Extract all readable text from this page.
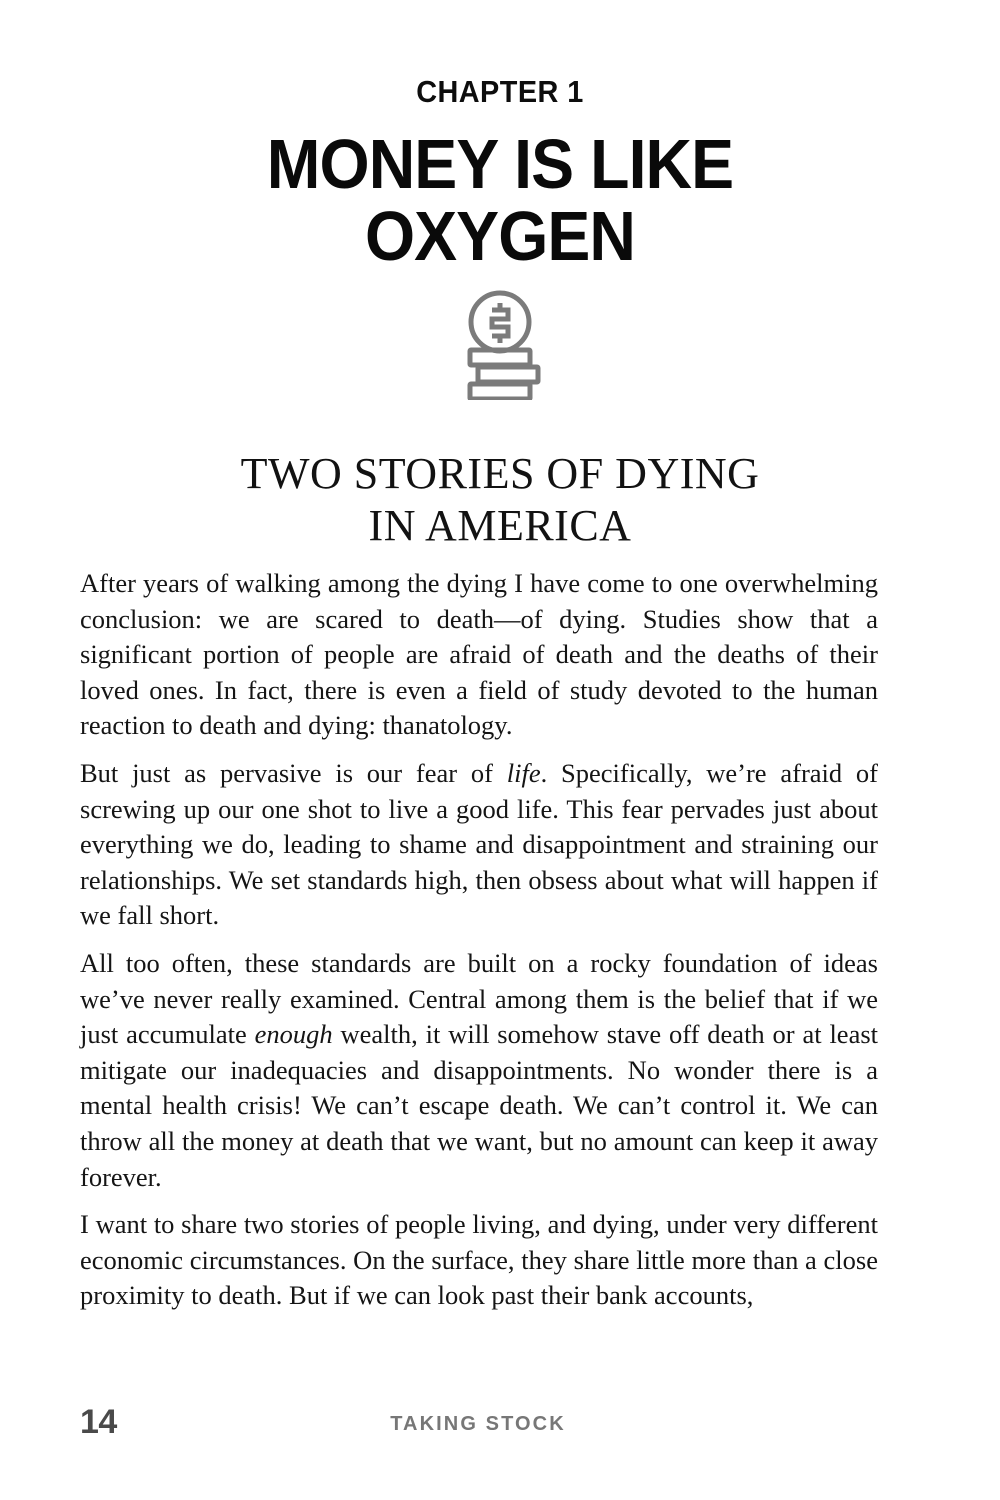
CHAPTER 1
MONEY IS LIKE
OXYGEN
TWO STORIES OF DYING
IN AMERICA

After years of walking among the dying I have come to one overwhelming conclusion: we are scared to death—of dying. Studies show that a significant portion of people are afraid of death and the deaths of their loved ones. In fact, there is even a field of study devoted to the human reaction to death and dying: thanatology.

But just as pervasive is our fear of life. Specifically, we’re afraid of screwing up our one shot to live a good life. This fear pervades just about everything we do, leading to shame and disappointment and straining our relationships. We set standards high, then obsess about what will happen if we fall short.

All too often, these standards are built on a rocky foundation of ideas we’ve never really examined. Central among them is the belief that if we just accumulate enough wealth, it will somehow stave off death or at least mitigate our inadequacies and disappointments. No wonder there is a mental health crisis! We can’t escape death. We can’t control it. We can throw all the money at death that we want, but no amount can keep it away forever.

I want to share two stories of people living, and dying, under very different economic circumstances. On the surface, they share little more than a close proximity to death. But if we can look past their bank accounts,

14	TAKING STOCK
